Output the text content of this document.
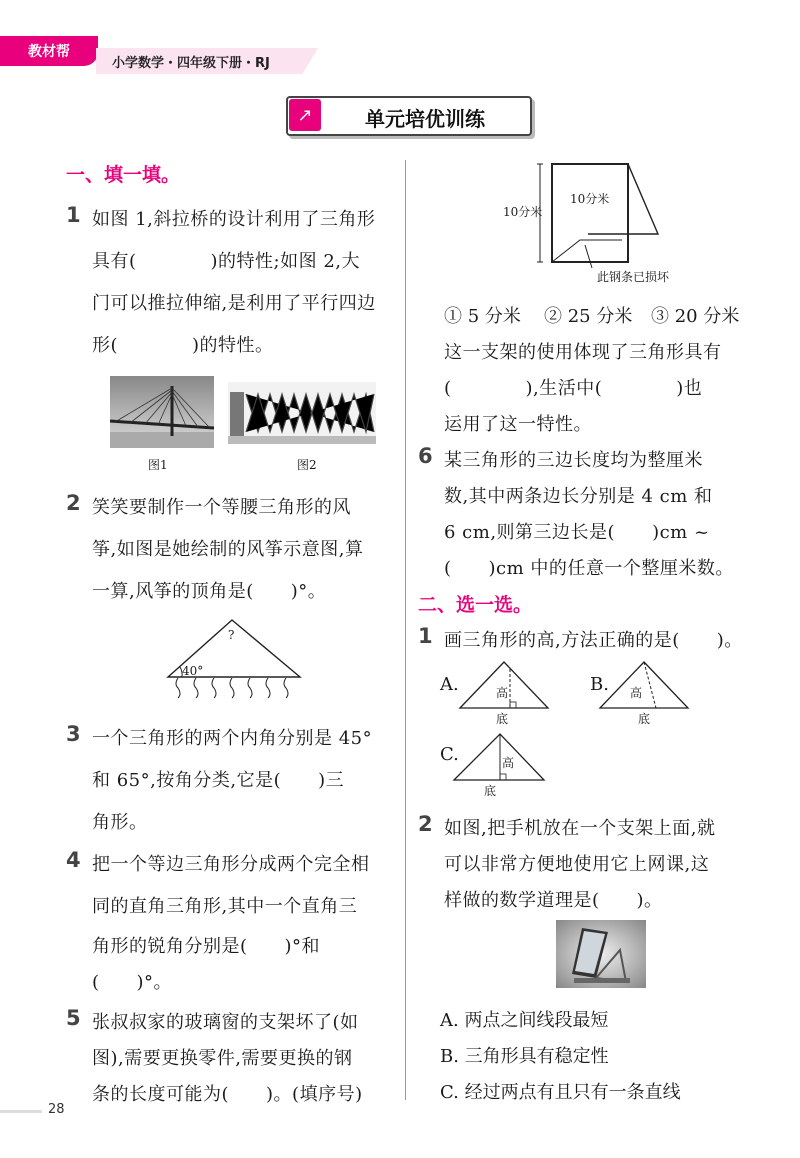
教材帮
小学数学・四年级下册・RJ
↗	单元培优训练
一、填一填。
1 如图 1,斜拉桥的设计利用了三角形
具有(　　　　)的特性;如图 2,大
门可以推拉伸缩,是利用了平行四边
形(　　　　)的特性。
图1	图2
2 笑笑要制作一个等腰三角形的风
筝,如图是她绘制的风筝示意图,算
一算,风筝的顶角是(　　)°。
?
40°
3 一个三角形的两个内角分别是 45°
和 65°,按角分类,它是(　　)三
角形。
4 把一个等边三角形分成两个完全相
同的直角三角形,其中一个直角三
角形的锐角分别是(　　)°和
(　　)°。
5 张叔叔家的玻璃窗的支架坏了(如
图),需要更换零件,需要更换的钢
条的长度可能为(　　)。(填序号)
10分米
10分米
此钢条已损坏
① 5 分米 ② 25 分米 ③ 20 分米
这一支架的使用体现了三角形具有
(　　　　),生活中(　　　　)也
运用了这一特性。
6 某三角形的三边长度均为整厘米
数,其中两条边长分别是 4 cm 和
6 cm,则第三边长是(　　)cm ~
(　　)cm 中的任意一个整厘米数。
二、选一选。
1 画三角形的高,方法正确的是(　　)。
A.	高
底
B. 高
底
C.	高
底
2 如图,把手机放在一个支架上面,就
可以非常方便地使用它上网课,这
样做的数学道理是(　　)。
A. 两点之间线段最短
B. 三角形具有稳定性
C. 经过两点有且只有一条直线
28
